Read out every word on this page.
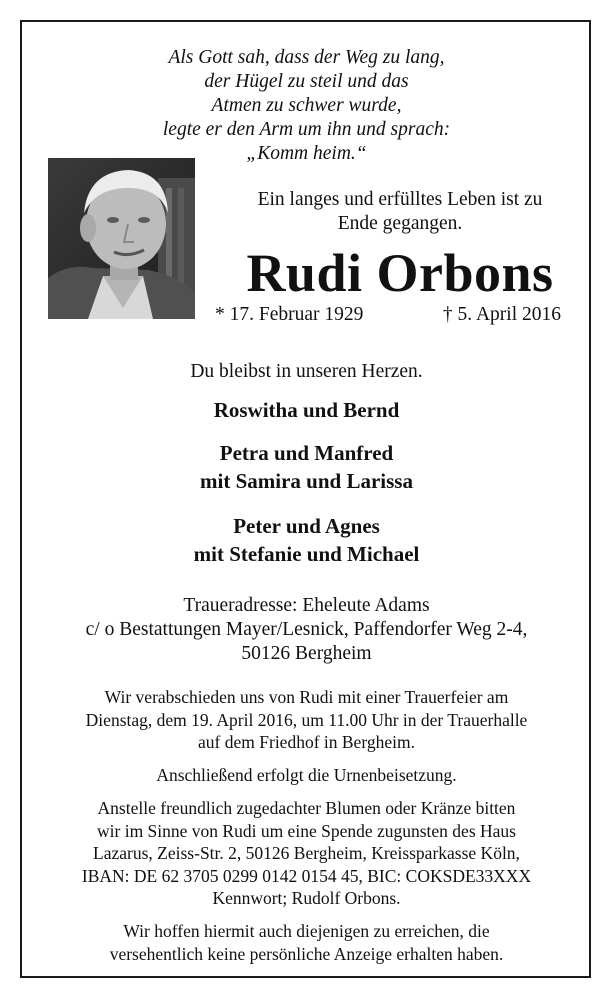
Als Gott sah, dass der Weg zu lang,
der Hügel zu steil und das
Atmen zu schwer wurde,
legte er den Arm um ihn und sprach:
„Komm heim.“
Ein langes und erfülltes Leben ist zu
Ende gegangen.
Rudi Orbons
* 17. Februar 1929	† 5. April 2016
Du bleibst in unseren Herzen.
Roswitha und Bernd
Petra und Manfred
mit Samira und Larissa
Peter und Agnes
mit Stefanie und Michael
Traueradresse: Eheleute Adams
c/ o Bestattungen Mayer/Lesnick, Paffendorfer Weg 2-4,
50126 Bergheim
Wir verabschieden uns von Rudi mit einer Trauerfeier am
Dienstag, dem 19. April 2016, um 11.00 Uhr in der Trauerhalle
auf dem Friedhof in Bergheim.
Anschließend erfolgt die Urnenbeisetzung.
Anstelle freundlich zugedachter Blumen oder Kränze bitten
wir im Sinne von Rudi um eine Spende zugunsten des Haus
Lazarus, Zeiss-Str. 2, 50126 Bergheim, Kreissparkasse Köln,
IBAN: DE 62 3705 0299 0142 0154 45, BIC: COKSDE33XXX
Kennwort; Rudolf Orbons.
Wir hoffen hiermit auch diejenigen zu erreichen, die
versehentlich keine persönliche Anzeige erhalten haben.
